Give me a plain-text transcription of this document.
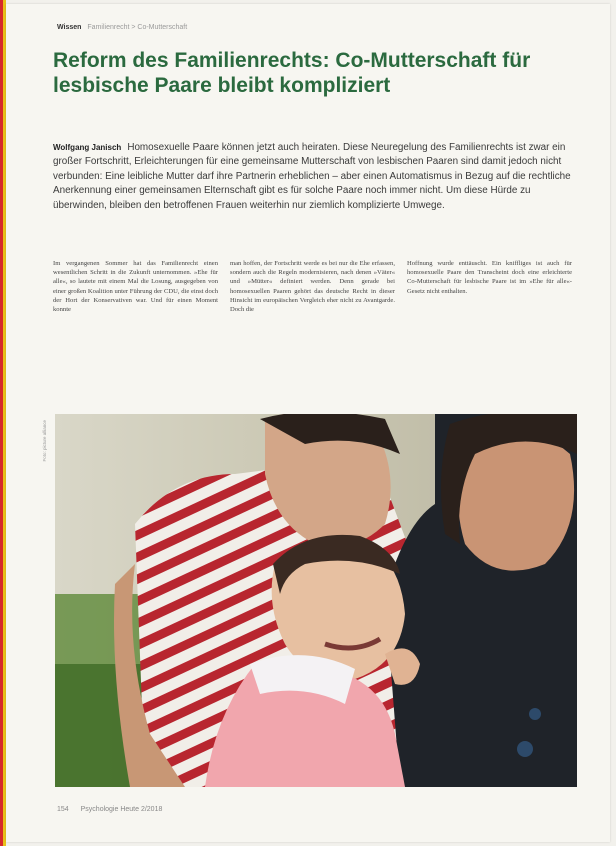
Wissen Familienrecht > Co-Mutterschaft
Reform des Familienrechts: Co-Mutterschaft für lesbische Paare bleibt kompliziert

Wolfgang Janisch Homosexuelle Paare können jetzt auch heiraten. Diese Neuregelung des Familienrechts ist zwar ein großer Fortschritt, Erleichterungen für eine gemeinsame Mutterschaft von lesbischen Paaren sind damit jedoch nicht verbunden: Eine leibliche Mutter darf ihre Partnerin erheblichen – aber einen Automatismus in Bezug auf die rechtliche Anerkennung einer gemeinsamen Elternschaft gibt es für solche Paare noch immer nicht. Um diese Hürde zu überwinden, bleiben den betroffenen Frauen weiterhin nur ziemlich komplizierte Umwege.

Im vergangenen Sommer hat das Familienrecht einen wesentlichen Schritt in die Zukunft unternommen. »Ehe für alle«, so lautete mit einem Mal die Losung, ausgegeben von einer großen Koalition unter Führung der CDU, die einst doch der Hort der Konservativen war. Und für einen Moment konnte

man hoffen, der Fortschritt werde es bei nur die Ehe erfassen, sondern auch die Regeln modernisieren, nach denen »Väter« und »Mütter« definiert werden. Denn gerade bei homosexuellen Paaren gehört das deutsche Recht in dieser Hinsicht im europäischen Vergleich eher nicht zu Avantgarde. Doch die

Hoffnung wurde enttäuscht. Ein kniffliges ist auch für homosexuelle Paare den Transcheint doch eine erleichterte Co-Mutterschaft für lesbische Paare ist im »Ehe für alle«-Gesetz nicht enthalten.

Foto: picture alliance
154 Psychologie Heute 2/2018
